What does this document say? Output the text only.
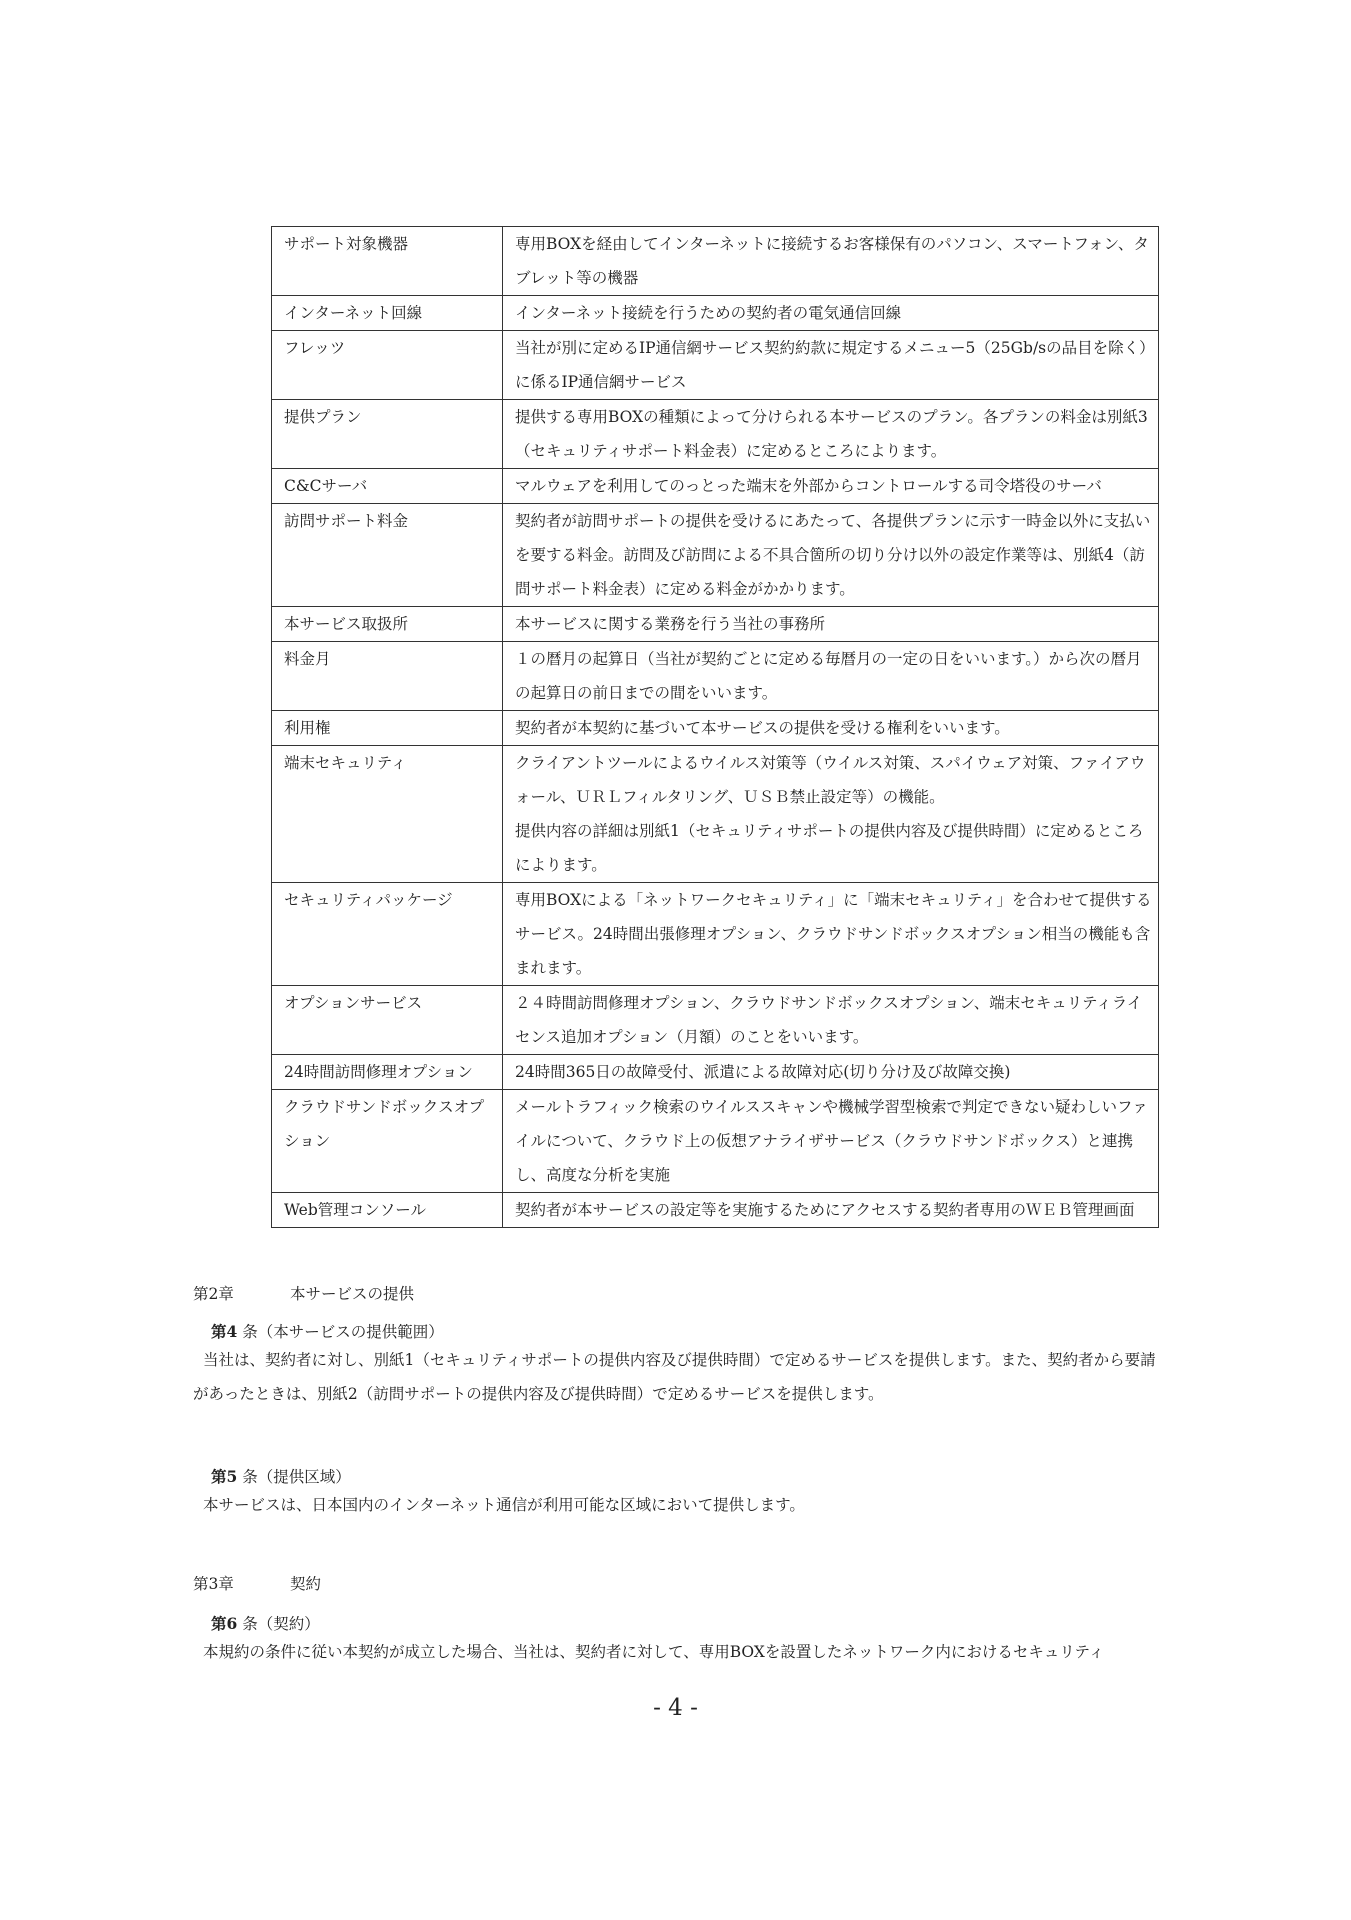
サポート対象機器	専用BOXを経由してインターネットに接続するお客様保有のパソコン、スマートフォン、タブレット等の機器

インターネット回線	インターネット接続を行うための契約者の電気通信回線

フレッツ	当社が別に定めるIP通信網サービス契約約款に規定するメニュー5（25Gb/sの品目を除く）に係るIP通信網サービス

提供プラン	提供する専用BOXの種類によって分けられる本サービスのプラン。各プランの料金は別紙3（セキュリティサポート料金表）に定めるところによります。

C&Cサーバ	マルウェアを利用してのっとった端末を外部からコントロールする司令塔役のサーバ

訪問サポート料金	契約者が訪問サポートの提供を受けるにあたって、各提供プランに示す一時金以外に支払いを要する料金。訪問及び訪問による不具合箇所の切り分け以外の設定作業等は、別紙4（訪問サポート料金表）に定める料金がかかります。

本サービス取扱所	本サービスに関する業務を行う当社の事務所

料金月	１の暦月の起算日（当社が契約ごとに定める毎暦月の一定の日をいいます。）から次の暦月の起算日の前日までの間をいいます。

利用権	契約者が本契約に基づいて本サービスの提供を受ける権利をいいます。

端末セキュリティ	クライアントツールによるウイルス対策等（ウイルス対策、スパイウェア対策、ファイアウォール、ＵＲＬフィルタリング、ＵＳＢ禁止設定等）の機能。
提供内容の詳細は別紙1（セキュリティサポートの提供内容及び提供時間）に定めるところによります。

セキュリティパッケージ	専用BOXによる「ネットワークセキュリティ」に「端末セキュリティ」を合わせて提供するサービス。24時間出張修理オプション、クラウドサンドボックスオプション相当の機能も含まれます。

オプションサービス	２４時間訪問修理オプション、クラウドサンドボックスオプション、端末セキュリティライセンス追加オプション（月額）のことをいいます。

24時間訪問修理オプション	24時間365日の故障受付、派遣による故障対応(切り分け及び故障交換)

クラウドサンドボックスオプション	メールトラフィック検索のウイルススキャンや機械学習型検索で判定できない疑わしいファイルについて、クラウド上の仮想アナライザサービス（クラウドサンドボックス）と連携し、高度な分析を実施

Web管理コンソール	契約者が本サービスの設定等を実施するためにアクセスする契約者専用のＷＥＢ管理画面
第2章	本サービスの提供
第4 条（本サービスの提供範囲）
当社は、契約者に対し、別紙1（セキュリティサポートの提供内容及び提供時間）で定めるサービスを提供します。また、契約者から要請があったときは、別紙2（訪問サポートの提供内容及び提供時間）で定めるサービスを提供します。
第5 条（提供区域）
本サービスは、日本国内のインターネット通信が利用可能な区域において提供します。
第3章	契約
第6 条（契約）
本規約の条件に従い本契約が成立した場合、当社は、契約者に対して、専用BOXを設置したネットワーク内におけるセキュリティ
- 4 -
